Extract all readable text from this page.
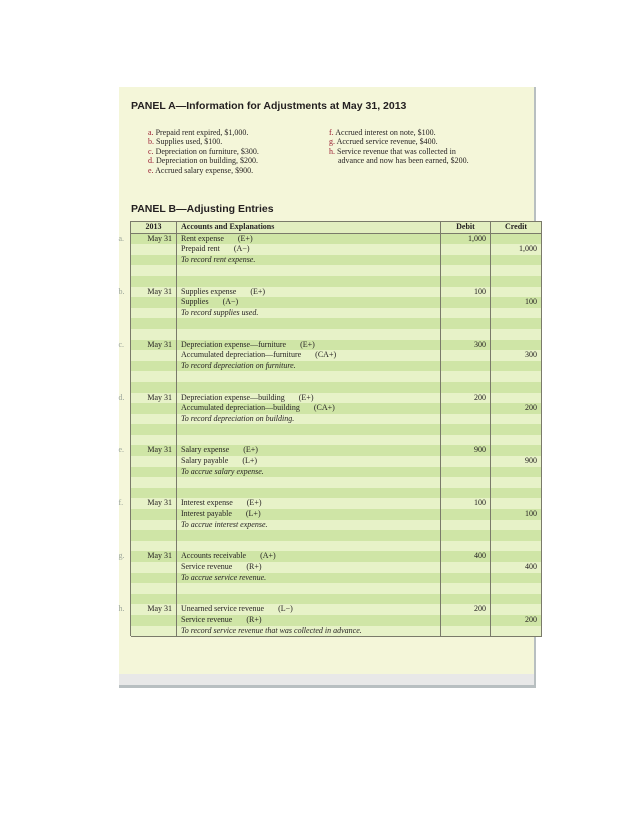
PANEL A—Information for Adjustments at May 31, 2013
a. Prepaid rent expired, $1,000.
b. Supplies used, $100.
c. Depreciation on furniture, $300.
d. Depreciation on building, $200.
e. Accrued salary expense, $900.
f. Accrued interest on note, $100.
g. Accrued service revenue, $400.
h. Service revenue that was collected in
advance and now has been earned, $200.
PANEL B—Adjusting Entries
	2013	Accounts and Explanations	Debit	Credit
	May 31	Rent expense (E+)	1,000	
		Prepaid rent (A−)		1,000
		To record rent expense.		

	May 31	Supplies expense (E+)	100	
		Supplies (A−)		100
		To record supplies used.		

	May 31	Depreciation expense—furniture (E+)	300	
		Accumulated depreciation—furniture (CA+)		300
		To record depreciation on furniture.		

	May 31	Depreciation expense—building (E+)	200	
		Accumulated depreciation—building (CA+)		200
		To record depreciation on building.		

	May 31	Salary expense (E+)	900	
		Salary payable (L+)		900
		To accrue salary expense.		

	May 31	Interest expense (E+)	100	
		Interest payable (L+)		100
		To accrue interest expense.		

	May 31	Accounts receivable (A+)	400	
		Service revenue (R+)		400
		To accrue service revenue.		

	May 31	Unearned service revenue (L−)	200	
		Service revenue (R+)		200
		To record service revenue that was collected in advance.		
